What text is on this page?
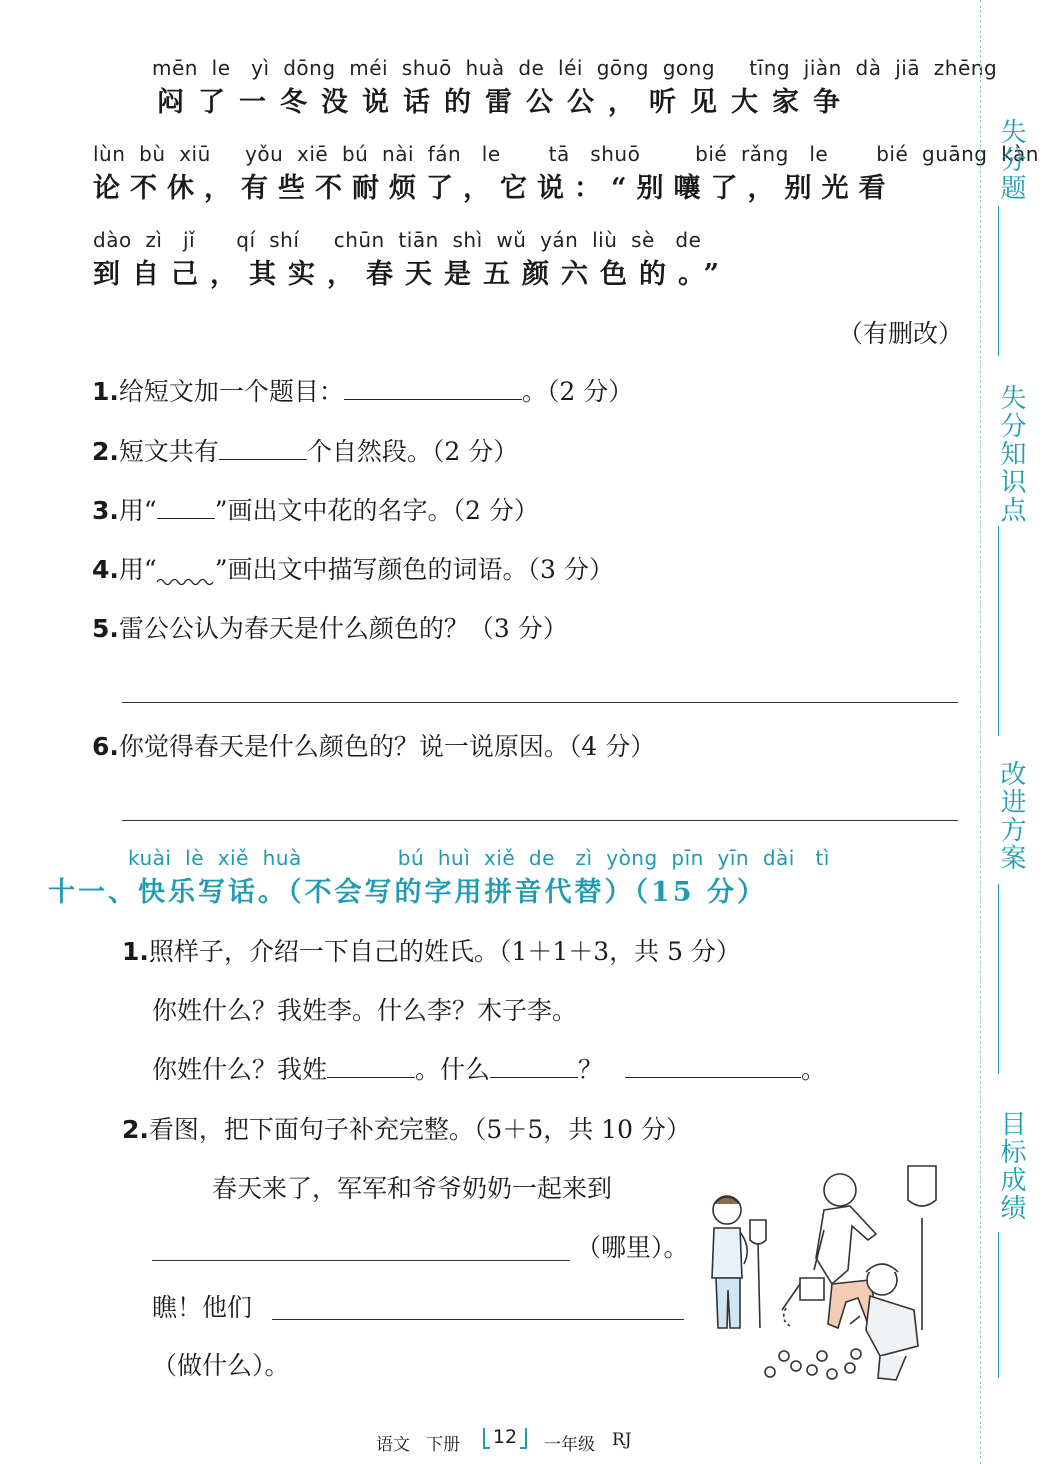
mēn  le   yì  dōng  méi  shuō  huà  de  léi  gōng  gong     tīng  jiàn  dà  jiā  zhēng
闷了一冬没说话的雷公公，听见大家争
lùn  bù  xiū     yǒu  xiē  bú  nài  fán   le       tā   shuō        bié  rǎng   le       bié  guāng  kàn
论不休，有些不耐烦了，它说：“别嚷了，别光看
dào  zì   jǐ      qí  shí     chūn  tiān  shì  wǔ  yán  liù  sè   de
到自己，其实，春天是五颜六色的。”
（有删改）
1.给短文加一个题目：	。（2 分）
2.短文共有	个自然段。（2 分）
3.用“ ”画出文中花的名字。（2 分）
4.用“ ”画出文中描写颜色的词语。（3 分）
5.雷公公认为春天是什么颜色的？（3 分）
6.你觉得春天是什么颜色的？说一说原因。（4 分）
kuài  lè  xiě  huà              bú  huì  xiě  de   zì  yòng  pīn  yīn  dài   tì
十一、快乐写话。（不会写的字用拼音代替）（15 分）
1.照样子，介绍一下自己的姓氏。（1＋1＋3，共 5 分）
你姓什么？我姓李。什么李？木子李。
你姓什么？我姓	。什么	？	。
2.看图，把下面句子补充完整。（5＋5，共 10 分）
春天来了，军军和爷爷奶奶一起来到
（哪里）。
瞧！他们
（做什么）。
失分题
失分知识点
改进方案
目标成绩
语文 下册	12	一年级 RJ
